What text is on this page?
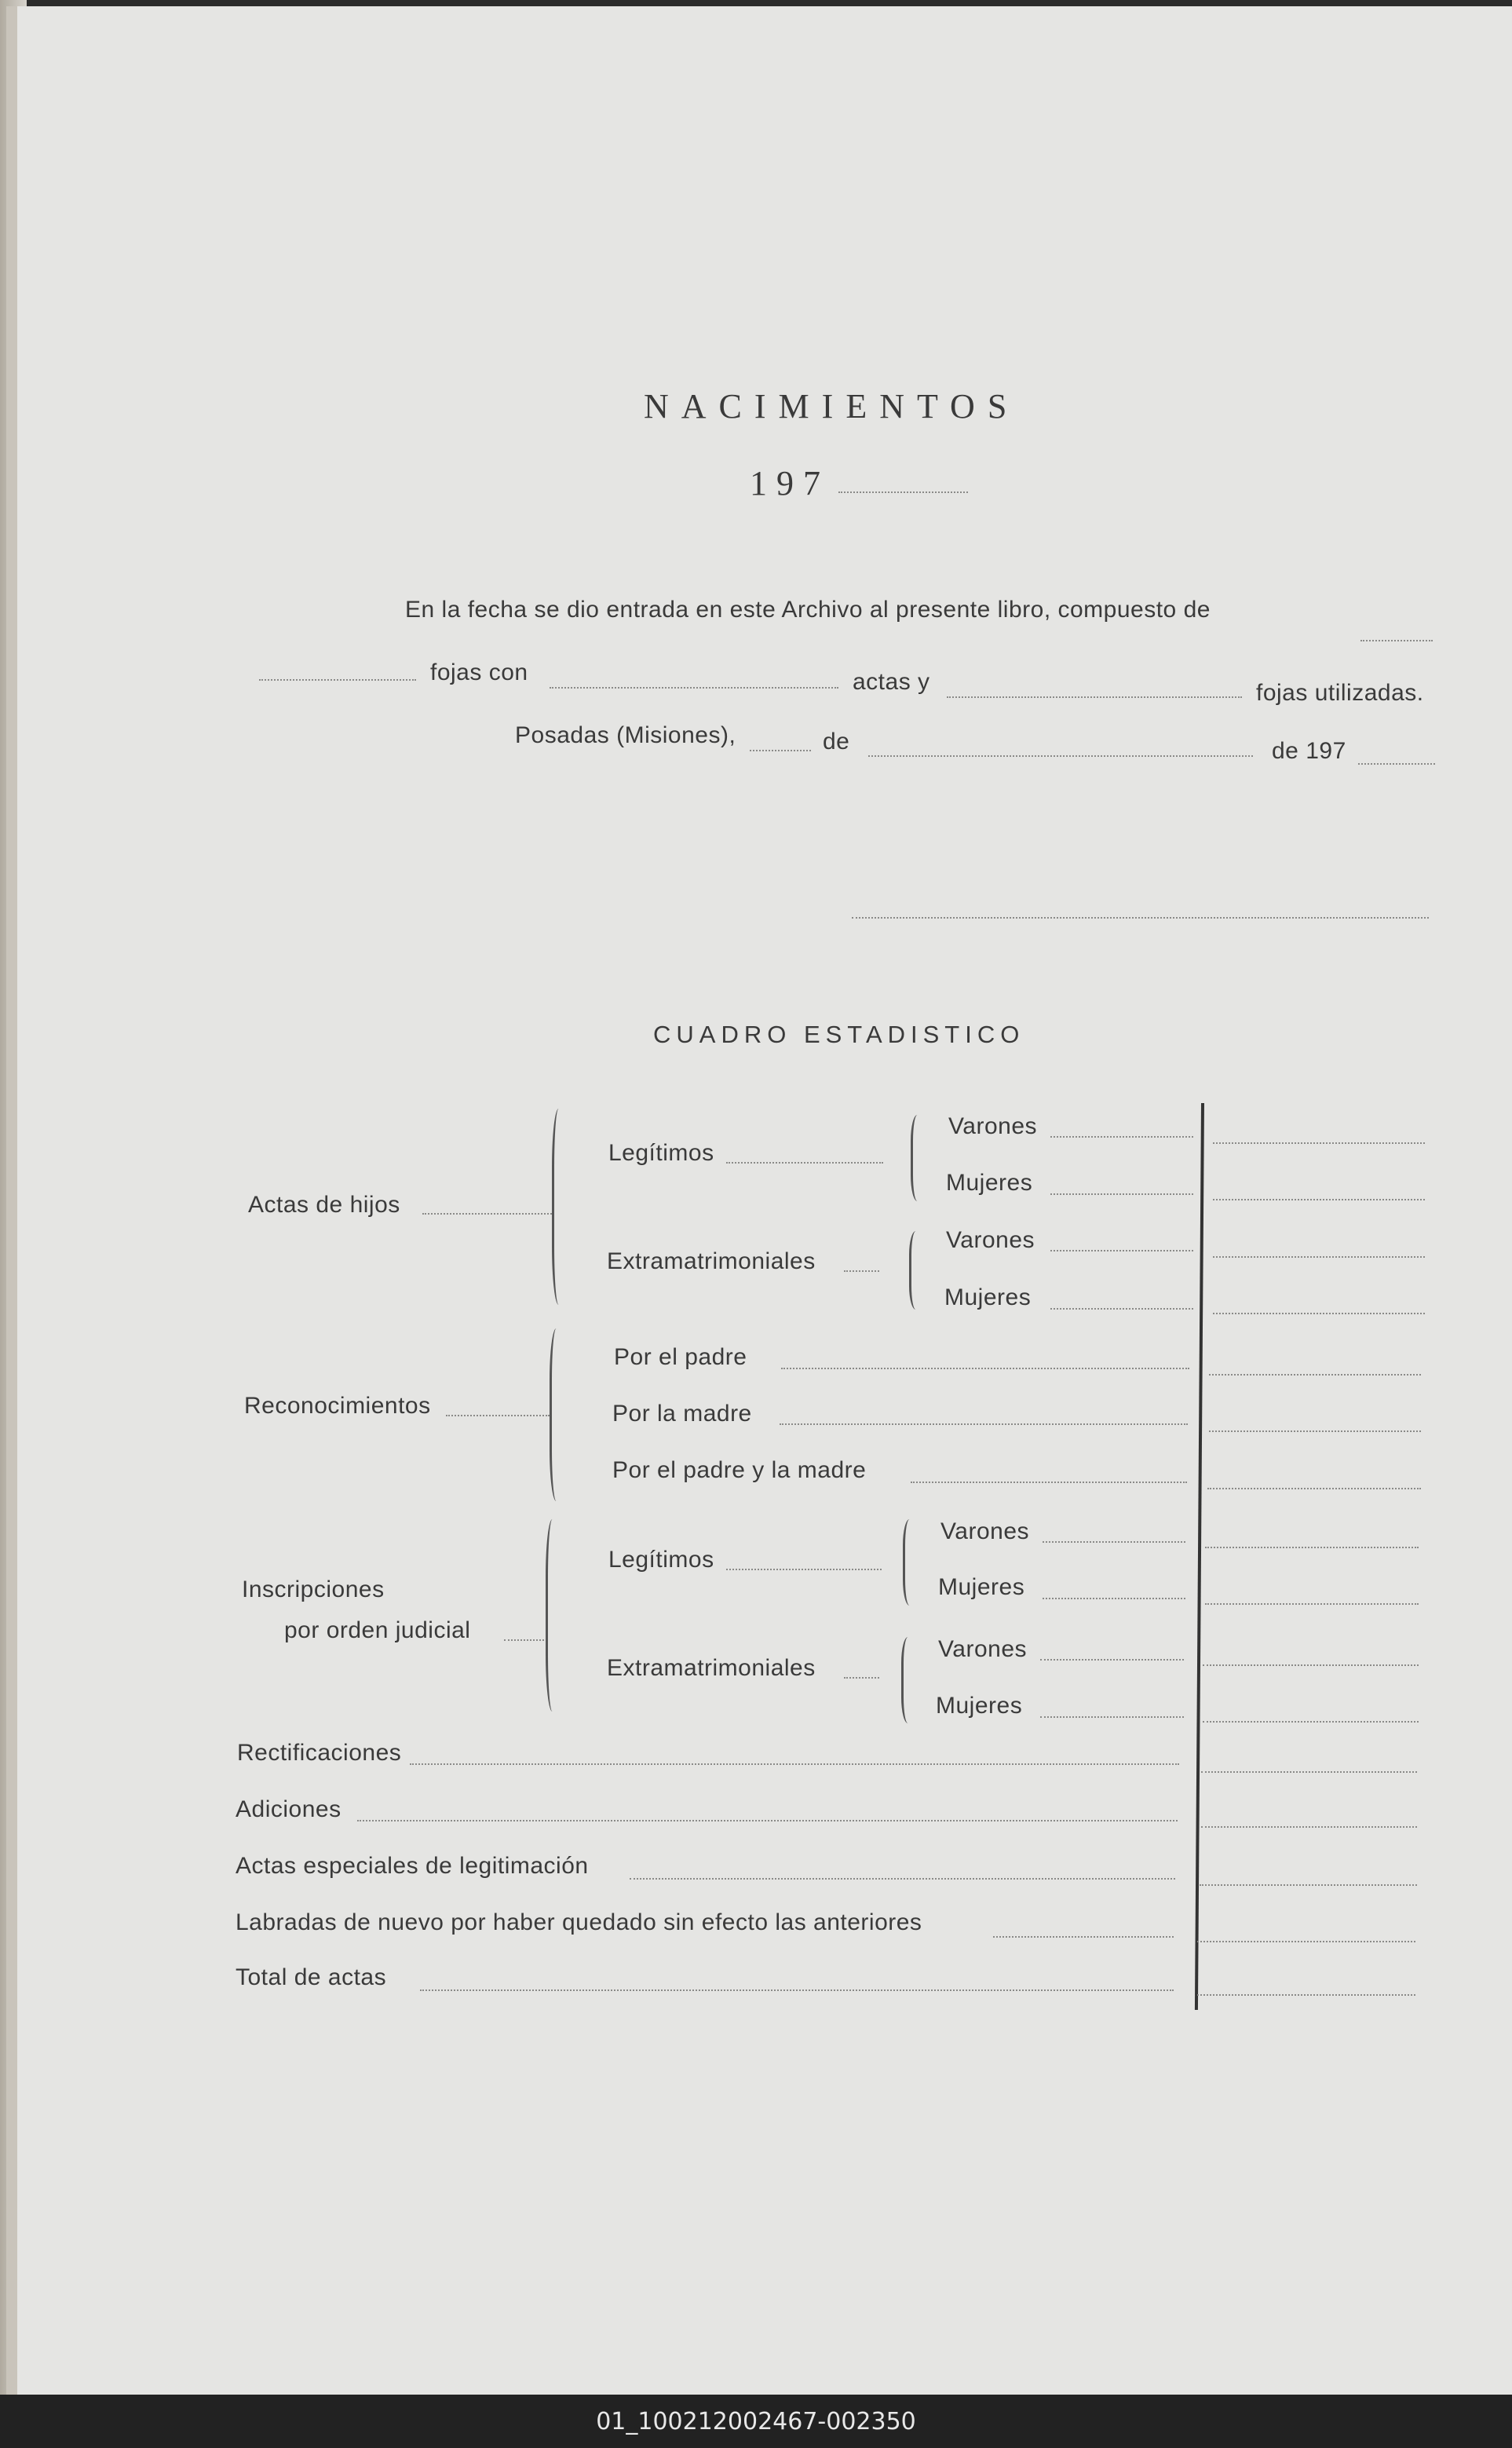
NACIMIENTOS
197
En la fecha se dio entrada en este Archivo al presente libro, compuesto de
fojas con	actas y	fojas utilizadas.
Posadas (Misiones),	de	de 197
CUADRO ESTADISTICO
Actas de hijos
Legítimos
Varones
Mujeres
Extramatrimoniales
Varones
Mujeres
Reconocimientos
Por el padre
Por la madre
Por el padre y la madre
Inscripciones
por orden judicial
Legítimos
Varones
Mujeres
Extramatrimoniales
Varones
Mujeres
Rectificaciones
Adiciones
Actas especiales de legitimación
Labradas de nuevo por haber quedado sin efecto las anteriores
Total de actas
01_100212002467-002350
